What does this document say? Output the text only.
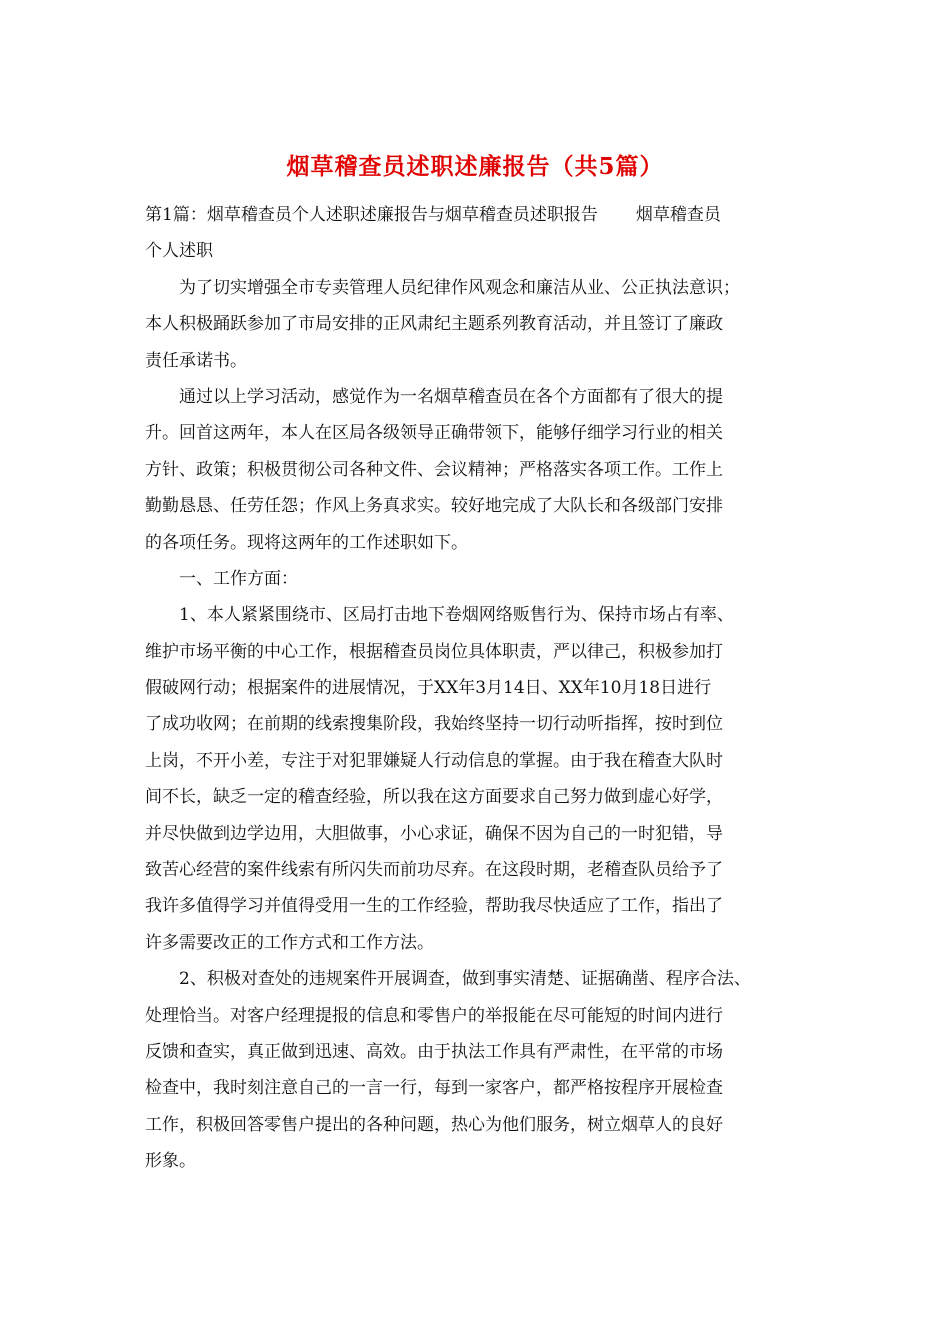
烟草稽查员述职述廉报告（共5篇）
第1篇：烟草稽查员个人述职述廉报告与烟草稽查员述职报告 烟草稽查员
个人述职
为了切实增强全市专卖管理人员纪律作风观念和廉洁从业、公正执法意识；
本人积极踊跃参加了市局安排的正风肃纪主题系列教育活动，并且签订了廉政
责任承诺书。
通过以上学习活动，感觉作为一名烟草稽查员在各个方面都有了很大的提
升。回首这两年，本人在区局各级领导正确带领下，能够仔细学习行业的相关
方针、政策；积极贯彻公司各种文件、会议精神；严格落实各项工作。工作上
勤勤恳恳、任劳任怨；作风上务真求实。较好地完成了大队长和各级部门安排
的各项任务。现将这两年的工作述职如下。
一、工作方面：
1、本人紧紧围绕市、区局打击地下卷烟网络贩售行为、保持市场占有率、
维护市场平衡的中心工作，根据稽查员岗位具体职责，严以律己，积极参加打
假破网行动；根据案件的进展情况，于XX年3月14日、XX年10月18日进行
了成功收网；在前期的线索搜集阶段，我始终坚持一切行动听指挥，按时到位
上岗，不开小差，专注于对犯罪嫌疑人行动信息的掌握。由于我在稽查大队时
间不长，缺乏一定的稽查经验，所以我在这方面要求自己努力做到虚心好学，
并尽快做到边学边用，大胆做事，小心求证，确保不因为自己的一时犯错，导
致苦心经营的案件线索有所闪失而前功尽弃。在这段时期，老稽查队员给予了
我许多值得学习并值得受用一生的工作经验，帮助我尽快适应了工作，指出了
许多需要改正的工作方式和工作方法。
2、积极对查处的违规案件开展调查，做到事实清楚、证据确凿、程序合法、
处理恰当。对客户经理提报的信息和零售户的举报能在尽可能短的时间内进行
反馈和查实，真正做到迅速、高效。由于执法工作具有严肃性，在平常的市场
检查中，我时刻注意自己的一言一行，每到一家客户，都严格按程序开展检查
工作，积极回答零售户提出的各种问题，热心为他们服务，树立烟草人的良好
形象。
